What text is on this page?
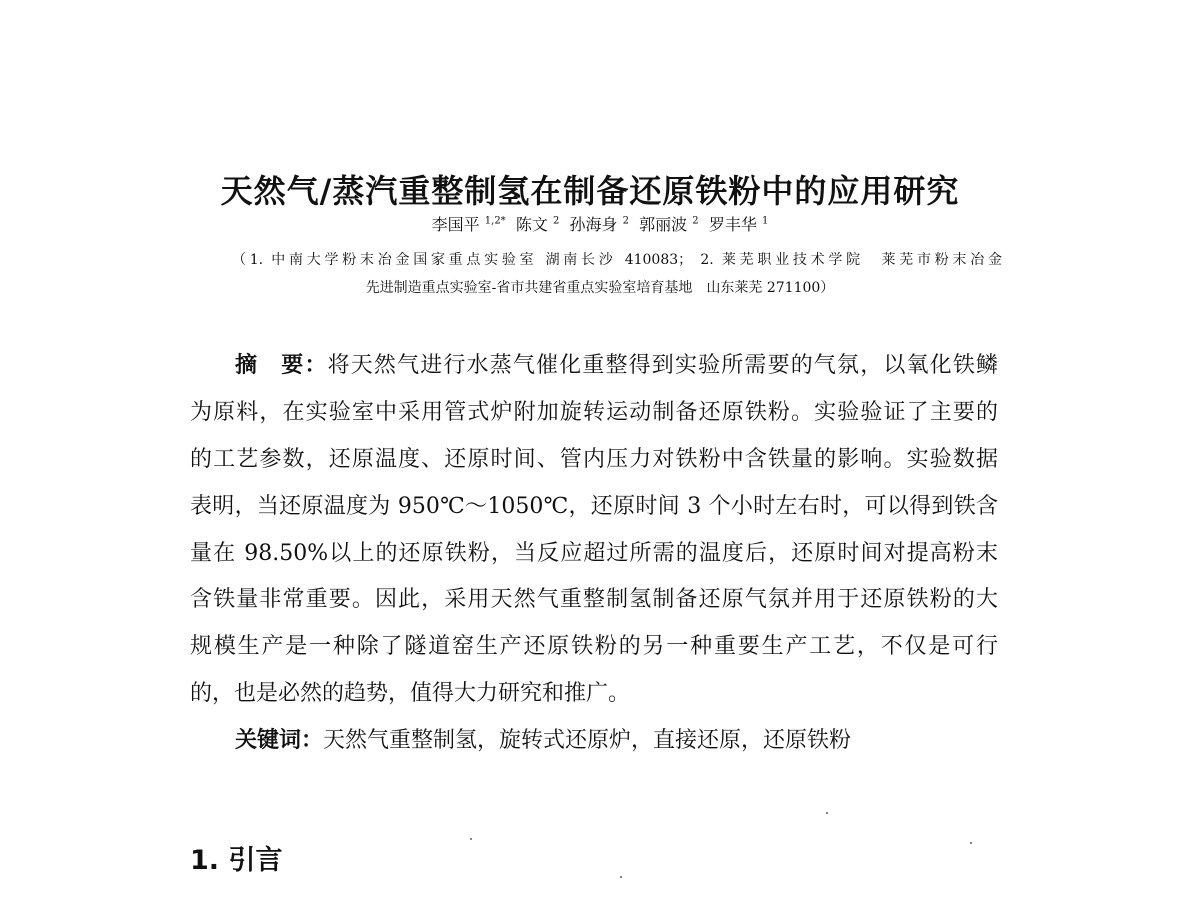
天然气/蒸汽重整制氢在制备还原铁粉中的应用研究
李国平 $^{1,2*}$ 陈文 $^2$ 孙海身 $^2$ 郭丽波 $^2$ 罗丰华 $^1$
（1. 中南大学粉末冶金国家重点实验室 湖南长沙 410083； 2. 莱芜职业技术学院　莱芜市粉末冶金
先进制造重点实验室-省市共建省重点实验室培育基地　山东莱芜 271100）
摘　要：将天然气进行水蒸气催化重整得到实验所需要的气氛，以氧化铁鳞
为原料，在实验室中采用管式炉附加旋转运动制备还原铁粉。实验验证了主要的
的工艺参数，还原温度、还原时间、管内压力对铁粉中含铁量的影响。实验数据
表明，当还原温度为 950℃～1050℃，还原时间 3 个小时左右时，可以得到铁含
量在 98.50%以上的还原铁粉，当反应超过所需的温度后，还原时间对提高粉末
含铁量非常重要。因此，采用天然气重整制氢制备还原气氛并用于还原铁粉的大
规模生产是一种除了隧道窑生产还原铁粉的另一种重要生产工艺，不仅是可行
的，也是必然的趋势，值得大力研究和推广。
关键词：天然气重整制氢，旋转式还原炉，直接还原，还原铁粉
1. 引言
